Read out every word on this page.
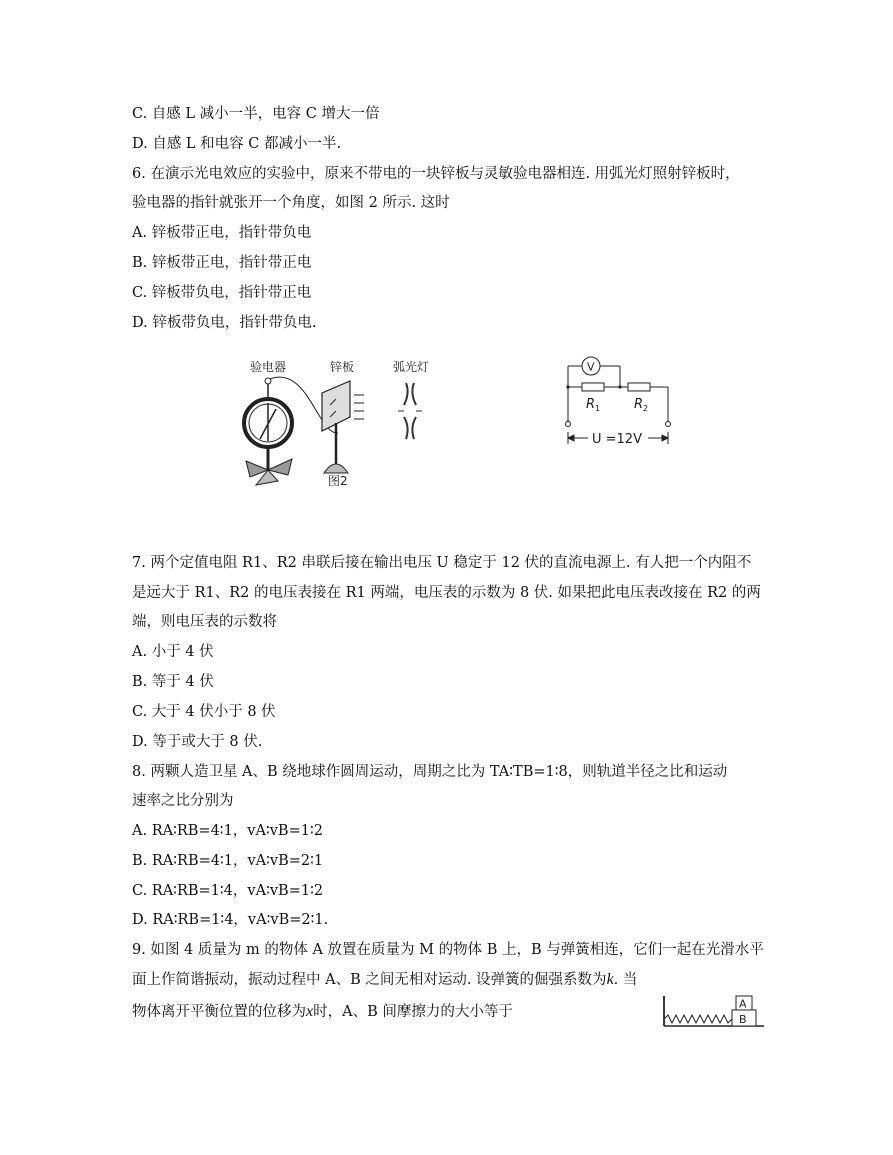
C. 自感 L 减小一半，电容 C 增大一倍
D. 自感 L 和电容 C 都减小一半.
6. 在演示光电效应的实验中，原来不带电的一块锌板与灵敏验电器相连. 用弧光灯照射锌板时，
验电器的指针就张开一个角度，如图 2 所示. 这时
A. 锌板带正电，指针带负电
B. 锌板带正电，指针带正电
C. 锌板带负电，指针带正电
D. 锌板带负电，指针带负电.
验电器	锌板	弧光灯
图2
V
$R_1$	$R_2$
U =12V
7. 两个定值电阻 R1、R2 串联后接在输出电压 U 稳定于 12 伏的直流电源上. 有人把一个内阻不
是远大于 R1、R2 的电压表接在 R1 两端，电压表的示数为 8 伏. 如果把此电压表改接在 R2 的两
端，则电压表的示数将
A. 小于 4 伏
B. 等于 4 伏
C. 大于 4 伏小于 8 伏
D. 等于或大于 8 伏.
8. 两颗人造卫星 A、B 绕地球作圆周运动，周期之比为 TA∶TB=1∶8，则轨道半径之比和运动
速率之比分别为
A. RA∶RB=4∶1，vA∶vB=1∶2
B. RA∶RB=4∶1，vA∶vB=2∶1
C. RA∶RB=1∶4，vA∶vB=1∶2
D. RA∶RB=1∶4，vA∶vB=2∶1.
9. 如图 4 质量为 m 的物体 A 放置在质量为 M 的物体 B 上，B 与弹簧相连，它们一起在光滑水平
面上作简谐振动，振动过程中 A、B 之间无相对运动. 设弹簧的倔强系数为k. 当
物体离开平衡位置的位移为x时，A、B 间摩擦力的大小等于	A
B
